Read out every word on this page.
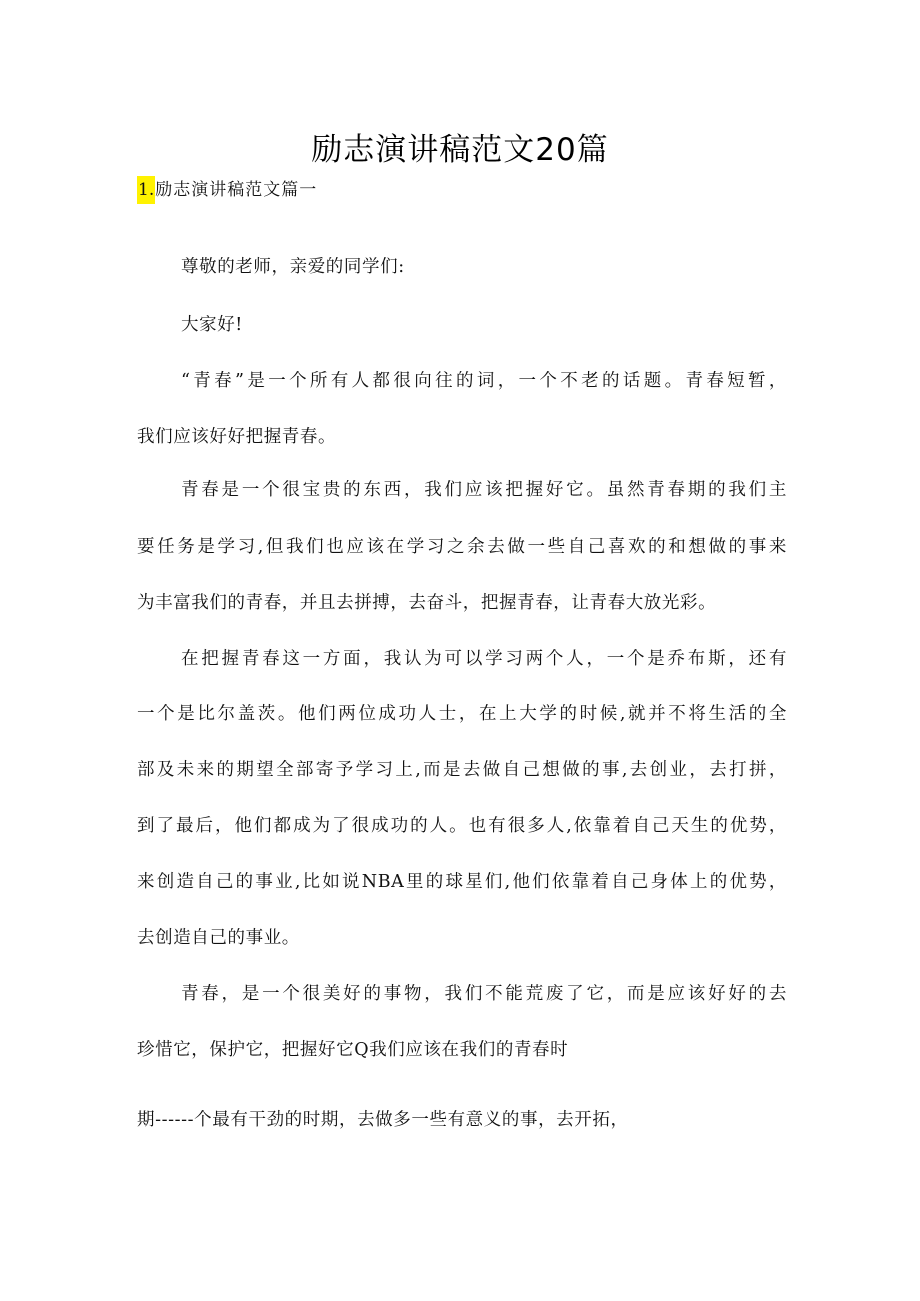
励志演讲稿范文20篇
1. 励志演讲稿范文篇一
尊敬的老师，亲爱的同学们:
大家好!
“青春”是一个所有人都很向往的词，一个不老的话题。青春短暂，
我们应该好好把握青春。
青春是一个很宝贵的东西，我们应该把握好它。虽然青春期的我们主
要任务是学习,但我们也应该在学习之余去做一些自己喜欢的和想做的事来
为丰富我们的青春，并且去拼搏，去奋斗，把握青春，让青春大放光彩。
在把握青春这一方面，我认为可以学习两个人，一个是乔布斯，还有
一个是比尔盖茨。他们两位成功人士，在上大学的时候,就并不将生活的全
部及未来的期望全部寄予学习上,而是去做自己想做的事,去创业，去打拼，
到了最后，他们都成为了很成功的人。也有很多人,依靠着自己天生的优势，
来创造自己的事业,比如说NBA里的球星们,他们依靠着自己身体上的优势，
去创造自己的事业。
青春，是一个很美好的事物，我们不能荒废了它，而是应该好好的去
珍惜它，保护它，把握好它Q我们应该在我们的青春时
期------个最有干劲的时期，去做多一些有意义的事，去开拓，
